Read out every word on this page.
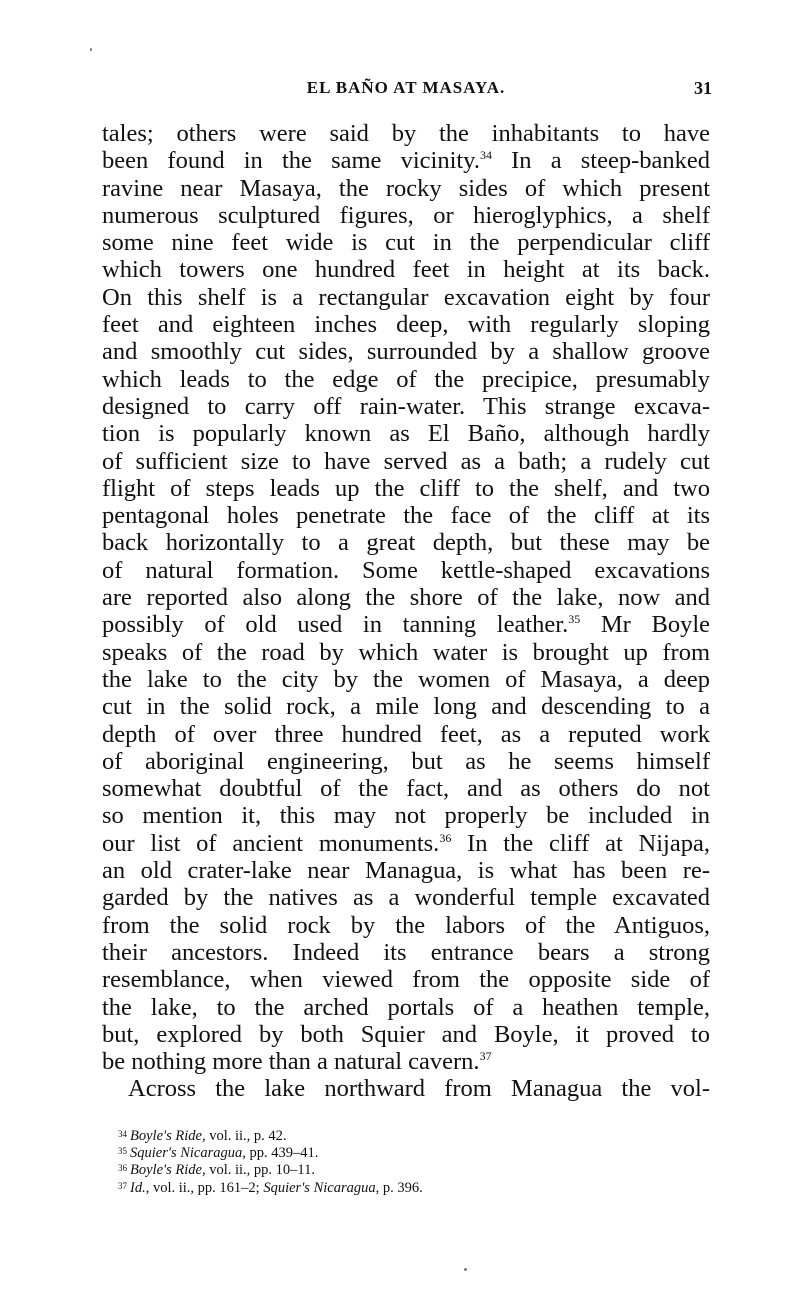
EL BAÑO AT MASAYA.	31
tales; others were said by the inhabitants to have
been found in the same vicinity.$^{34}$ In a steep-banked
ravine near Masaya, the rocky sides of which present
numerous sculptured figures, or hieroglyphics, a shelf
some nine feet wide is cut in the perpendicular cliff
which towers one hundred feet in height at its back.
On this shelf is a rectangular excavation eight by four
feet and eighteen inches deep, with regularly sloping
and smoothly cut sides, surrounded by a shallow groove
which leads to the edge of the precipice, presumably
designed to carry off rain-water. This strange excava-
tion is popularly known as El Baño, although hardly
of sufficient size to have served as a bath; a rudely cut
flight of steps leads up the cliff to the shelf, and two
pentagonal holes penetrate the face of the cliff at its
back horizontally to a great depth, but these may be
of natural formation. Some kettle-shaped excavations
are reported also along the shore of the lake, now and
possibly of old used in tanning leather.$^{35}$ Mr Boyle
speaks of the road by which water is brought up from
the lake to the city by the women of Masaya, a deep
cut in the solid rock, a mile long and descending to a
depth of over three hundred feet, as a reputed work
of aboriginal engineering, but as he seems himself
somewhat doubtful of the fact, and as others do not
so mention it, this may not properly be included in
our list of ancient monuments.$^{36}$ In the cliff at Nijapa,
an old crater-lake near Managua, is what has been re-
garded by the natives as a wonderful temple excavated
from the solid rock by the labors of the Antiguos,
their ancestors. Indeed its entrance bears a strong
resemblance, when viewed from the opposite side of
the lake, to the arched portals of a heathen temple,
but, explored by both Squier and Boyle, it proved to
be nothing more than a natural cavern.$^{37}$
Across the lake northward from Managua the vol-
$^{34}$ Boyle's Ride, vol. ii., p. 42.
$^{35}$ Squier's Nicaragua, pp. 439–41.
$^{36}$ Boyle's Ride, vol. ii., pp. 10–11.
$^{37}$ Id., vol. ii., pp. 161–2; Squier's Nicaragua, p. 396.
